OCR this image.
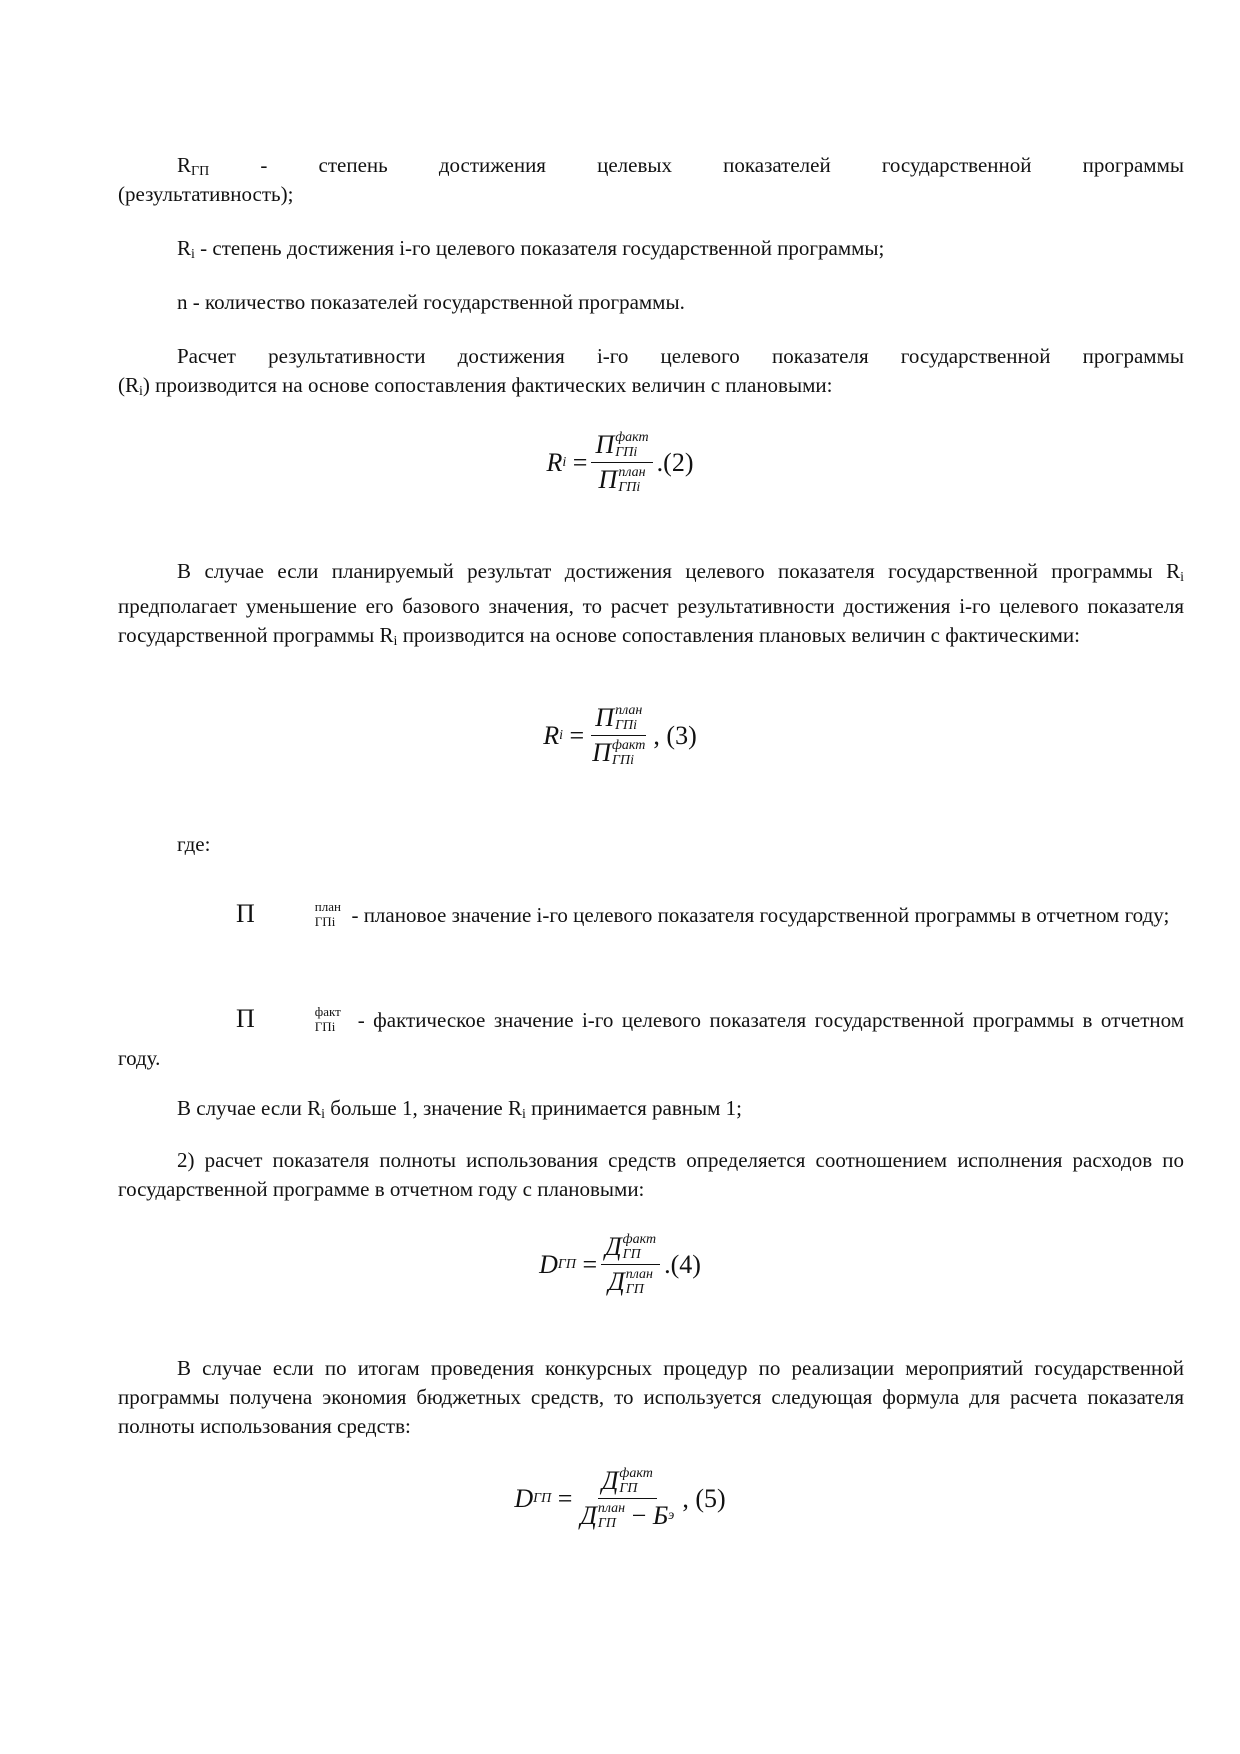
$R_{ГП}$ - степень достижения целевых показателей государственной программы
(результативность);
$R_i$ - степень достижения i-го целевого показателя государственной программы;
n - количество показателей государственной программы.
Расчет результативности достижения i-го целевого показателя государственной программы
$(R_i)$ производится на основе сопоставления фактических величин с плановыми:
R i
= П факт
ГПi
П план
ГПi .(2)
В случае если планируемый результат достижения целевого показателя государственной программы $R_i$ предполагает уменьшение его базового значения, то расчет результативности достижения i-го целевого показателя государственной программы $R_i$ производится на основе сопоставления плановых величин с фактическими:
R i
= П план
ГПi
П факт
ГПi , (3)
где:
П	план
ГПi - плановое значение i-го целевого показателя государственной программы в отчетном году;
П	факт
ГПi - фактическое значение i-го целевого показателя государственной программы в отчетном году.
В случае если $R_i$ больше 1, значение $R_i$ принимается равным 1;
2) расчет показателя полноты использования средств определяется соотношением исполнения расходов по государственной программе в отчетном году с плановыми:
D ГП
= Д факт
ГП
Д план
ГП .(4)
В случае если по итогам проведения конкурсных процедур по реализации мероприятий государственной программы получена экономия бюджетных средств, то используется следующая формула для расчета показателя полноты использования средств:
D ГП
= Д факт
ГП
Д план
ГП
−
Б э , (5)
